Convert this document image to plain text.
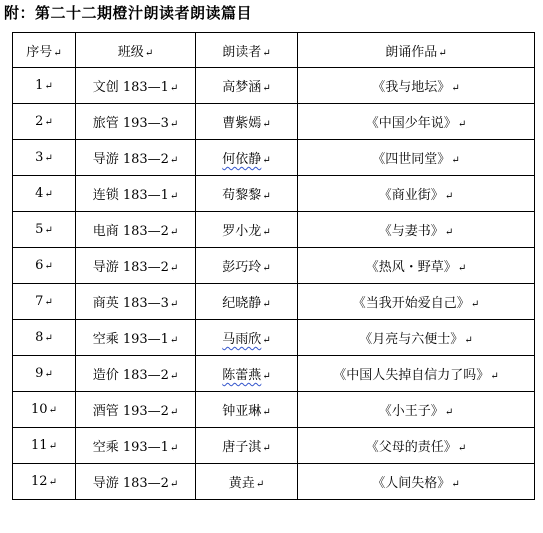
附：第二十二期橙汁朗读者朗读篇目
序号↵	班级↵	朗读者↵	朗诵作品↵
1↵	文创 183—1↵	高梦涵↵	《我与地坛》↵
2↵	旅管 193—3↵	曹紫嫣↵	《中国少年说》↵
3↵	导游 183—2↵	何依静↵	《四世同堂》↵
4↵	连锁 183—1↵	苟黎黎↵	《商业街》↵
5↵	电商 183—2↵	罗小龙↵	《与妻书》↵
6↵	导游 183—2↵	彭巧玲↵	《热风・野草》↵
7↵	商英 183—3↵	纪晓静↵	《当我开始爱自己》↵
8↵	空乘 193—1↵	马雨欣↵	《月亮与六便士》↵
9↵	造价 183—2↵	陈蕾燕↵	《中国人失掉自信力了吗》↵
10↵	酒管 193—2↵	钟亚琳↵	《小王子》↵
11↵	空乘 193—1↵	唐子淇↵	《父母的责任》↵
12↵	导游 183—2↵	黄垚↵	《人间失格》↵
